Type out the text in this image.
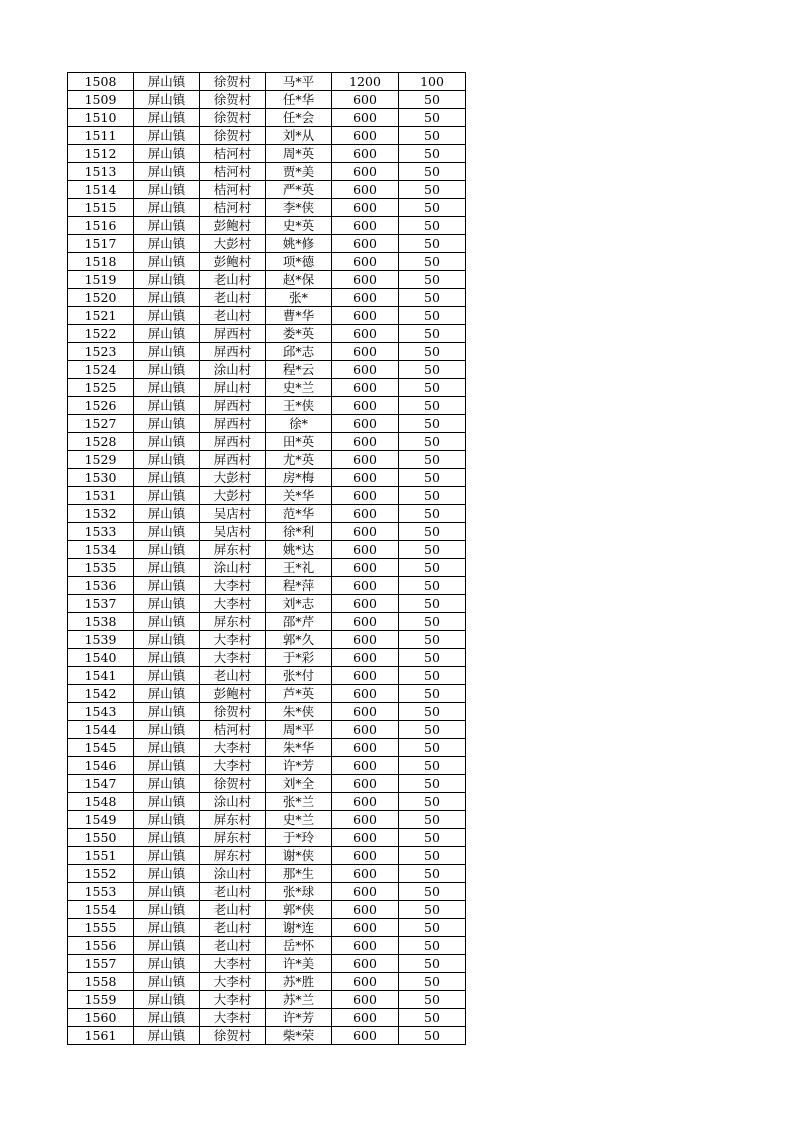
1508	屏山镇	徐贺村	马*平	1200	100
1509	屏山镇	徐贺村	任*华	600	50
1510	屏山镇	徐贺村	任*会	600	50
1511	屏山镇	徐贺村	刘*从	600	50
1512	屏山镇	桔河村	周*英	600	50
1513	屏山镇	桔河村	贾*美	600	50
1514	屏山镇	桔河村	严*英	600	50
1515	屏山镇	桔河村	李*侠	600	50
1516	屏山镇	彭鲍村	史*英	600	50
1517	屏山镇	大彭村	姚*修	600	50
1518	屏山镇	彭鲍村	项*德	600	50
1519	屏山镇	老山村	赵*保	600	50
1520	屏山镇	老山村	张*	600	50
1521	屏山镇	老山村	曹*华	600	50
1522	屏山镇	屏西村	娄*英	600	50
1523	屏山镇	屏西村	邱*志	600	50
1524	屏山镇	涂山村	程*云	600	50
1525	屏山镇	屏山村	史*兰	600	50
1526	屏山镇	屏西村	王*侠	600	50
1527	屏山镇	屏西村	徐*	600	50
1528	屏山镇	屏西村	田*英	600	50
1529	屏山镇	屏西村	尤*英	600	50
1530	屏山镇	大彭村	房*梅	600	50
1531	屏山镇	大彭村	关*华	600	50
1532	屏山镇	吴店村	范*华	600	50
1533	屏山镇	吴店村	徐*利	600	50
1534	屏山镇	屏东村	姚*达	600	50
1535	屏山镇	涂山村	王*礼	600	50
1536	屏山镇	大李村	程*萍	600	50
1537	屏山镇	大李村	刘*志	600	50
1538	屏山镇	屏东村	邵*芹	600	50
1539	屏山镇	大李村	郭*久	600	50
1540	屏山镇	大李村	于*彩	600	50
1541	屏山镇	老山村	张*付	600	50
1542	屏山镇	彭鲍村	芦*英	600	50
1543	屏山镇	徐贺村	朱*侠	600	50
1544	屏山镇	桔河村	周*平	600	50
1545	屏山镇	大李村	朱*华	600	50
1546	屏山镇	大李村	许*芳	600	50
1547	屏山镇	徐贺村	刘*全	600	50
1548	屏山镇	涂山村	张*兰	600	50
1549	屏山镇	屏东村	史*兰	600	50
1550	屏山镇	屏东村	于*玲	600	50
1551	屏山镇	屏东村	谢*侠	600	50
1552	屏山镇	涂山村	那*生	600	50
1553	屏山镇	老山村	张*球	600	50
1554	屏山镇	老山村	郭*侠	600	50
1555	屏山镇	老山村	谢*连	600	50
1556	屏山镇	老山村	岳*怀	600	50
1557	屏山镇	大李村	许*美	600	50
1558	屏山镇	大李村	苏*胜	600	50
1559	屏山镇	大李村	苏*兰	600	50
1560	屏山镇	大李村	许*芳	600	50
1561	屏山镇	徐贺村	柴*荣	600	50
